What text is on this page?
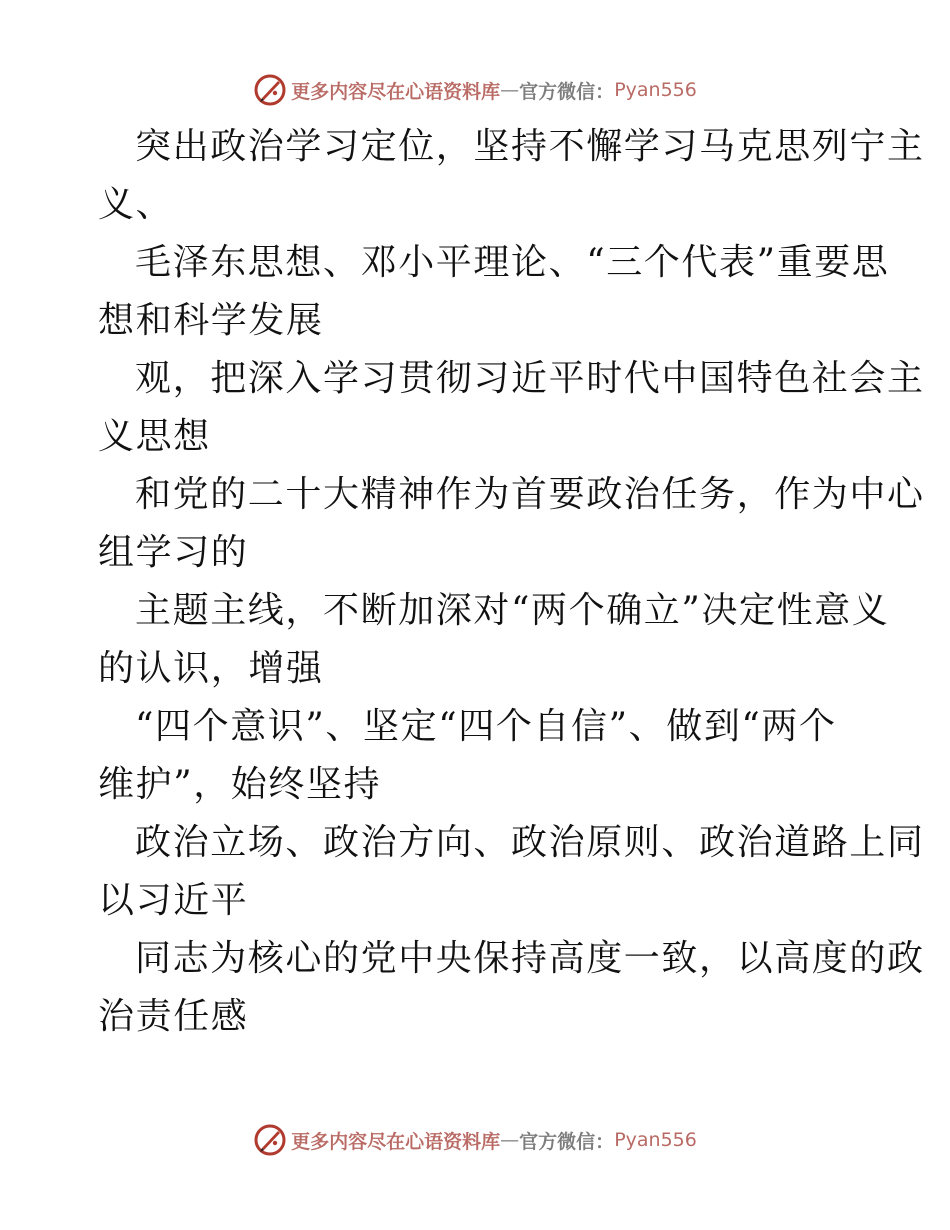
更多内容尽在心语资料库 — 官方微信： Pyan556
突出政治学习定位，坚持不懈学习马克思列宁主
义、
毛泽东思想、邓小平理论、“三个代表”重要思
想和科学发展
观，把深入学习贯彻习近平时代中国特色社会主
义思想
和党的二十大精神作为首要政治任务，作为中心
组学习的
主题主线，不断加深对“两个确立”决定性意义
的认识，增强
“四个意识”、坚定“四个自信”、做到“两个
维护”，始终坚持
政治立场、政治方向、政治原则、政治道路上同
以习近平
同志为核心的党中央保持高度一致，以高度的政
治责任感
更多内容尽在心语资料库 — 官方微信： Pyan556
